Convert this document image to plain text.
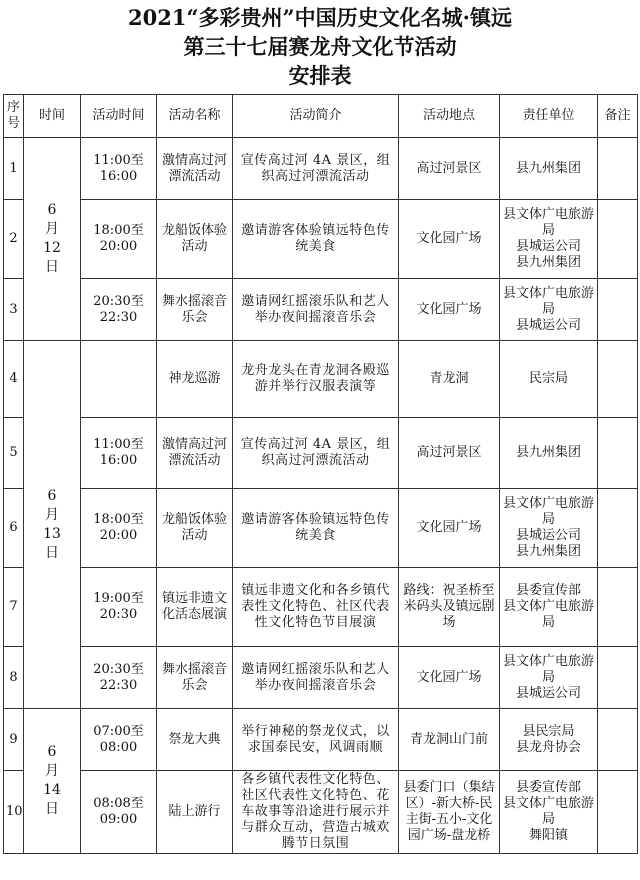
2021“多彩贵州”中国历史文化名城·镇远
第三十七届赛龙舟文化节活动
安排表
序号	时间	活动时间	活动名称	活动简介	活动地点	责任单位	备注
1	6
月
12
日	11:00至
16:00	激情高过河漂流活动	宣传高过河 4A 景区，组织高过河漂流活动	高过河景区	县九州集团	
2		18:00至
20:00	龙船饭体验活动	邀请游客体验镇远特色传统美食	文化园广场	县文体广电旅游局
县城运公司
县九州集团	
3		20:30至
22:30	舞水摇滚音乐会	邀请网红摇滚乐队和艺人举办夜间摇滚音乐会	文化园广场	县文体广电旅游局
县城运公司	
4	6
月
13
日		神龙巡游	龙舟龙头在青龙洞各殿巡游并举行汉服表演等	青龙洞	民宗局	
5		11:00至
16:00	激情高过河漂流活动	宣传高过河 4A 景区，组织高过河漂流活动	高过河景区	县九州集团	
6		18:00至
20:00	龙船饭体验活动	邀请游客体验镇远特色传统美食	文化园广场	县文体广电旅游局
县城运公司
县九州集团	
7		19:00至
20:30	镇远非遗文化活态展演	镇远非遗文化和各乡镇代表性文化特色、社区代表性文化特色节目展演	路线：祝圣桥至米码头及镇远剧场	县委宣传部
县文体广电旅游局	
8		20:30至
22:30	舞水摇滚音乐会	邀请网红摇滚乐队和艺人举办夜间摇滚音乐会	文化园广场	县文体广电旅游局
县城运公司	
9	6
月
14
日	07:00至
08:00	祭龙大典	举行神秘的祭龙仪式，以求国泰民安，风调雨顺	青龙洞山门前	县民宗局
县龙舟协会	
10		08:08至
09:00	陆上游行	各乡镇代表性文化特色、社区代表性文化特色、花车故事等沿途进行展示并与群众互动，营造古城欢腾节日氛围	县委门口（集结区）-新大桥-民主街-五小-文化园广场-盘龙桥	县委宣传部
县文体广电旅游局
舞阳镇	
